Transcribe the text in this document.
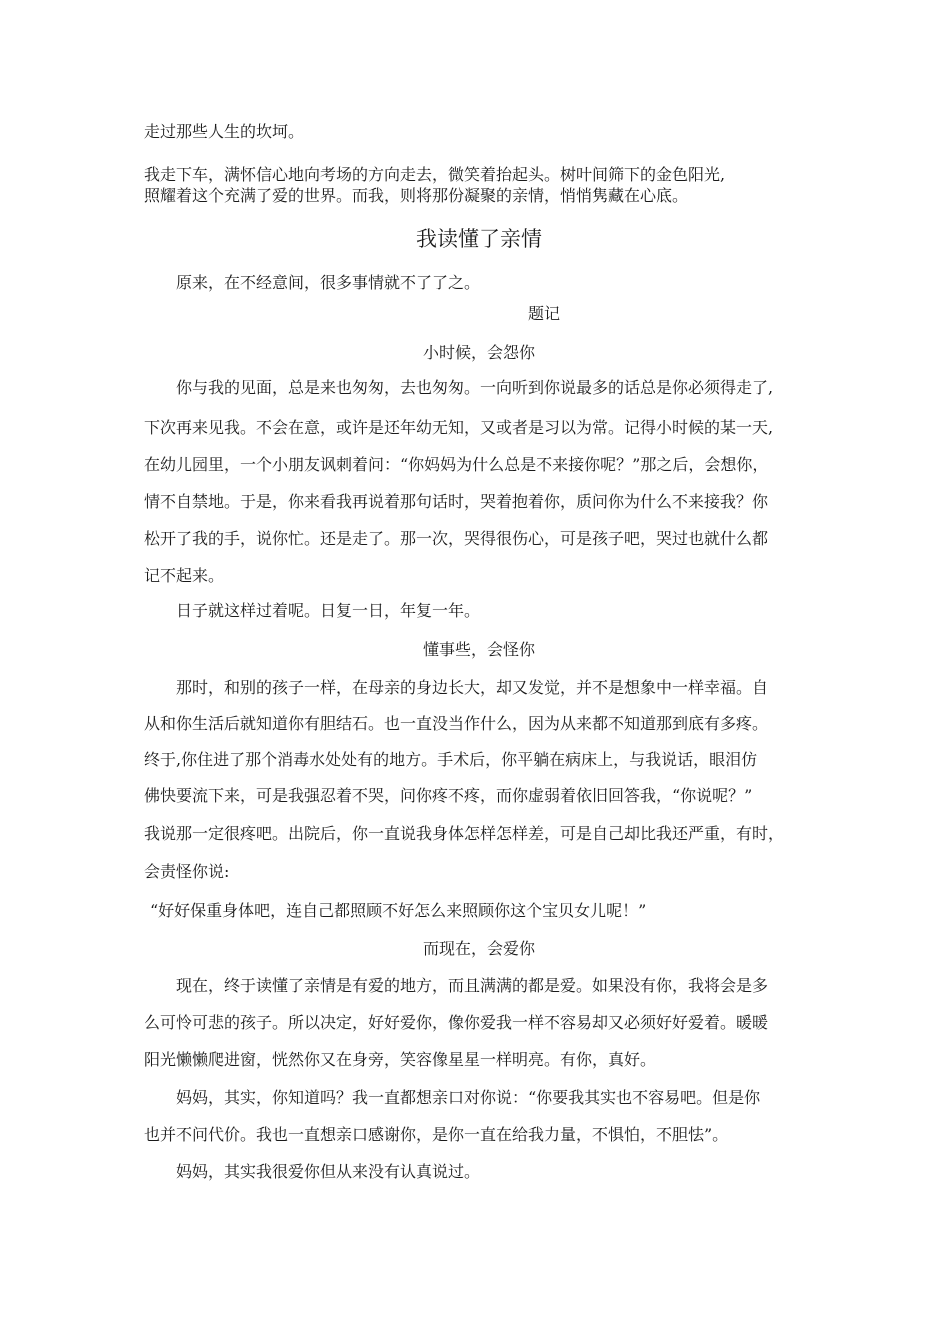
走过那些人生的坎坷。
我走下车，满怀信心地向考场的方向走去，微笑着抬起头。树叶间筛下的金色阳光,
照耀着这个充满了爱的世界。而我，则将那份凝聚的亲情，悄悄隽藏在心底。
我读懂了亲情
原来，在不经意间，很多事情就不了了之。
题记
小时候，会怨你
你与我的见面，总是来也匆匆，去也匆匆。一向听到你说最多的话总是你必须得走了,
下次再来见我。不会在意，或许是还年幼无知，又或者是习以为常。记得小时候的某一天,
在幼儿园里，一个小朋友讽刺着问：“你妈妈为什么总是不来接你呢？”那之后，会想你，
情不自禁地。于是，你来看我再说着那句话时，哭着抱着你，质问你为什么不来接我？你
松开了我的手，说你忙。还是走了。那一次，哭得很伤心，可是孩子吧，哭过也就什么都
记不起来。
日子就这样过着呢。日复一日，年复一年。
懂事些，会怪你
那时，和别的孩子一样，在母亲的身边长大，却又发觉，并不是想象中一样幸福。自
从和你生活后就知道你有胆结石。也一直没当作什么，因为从来都不知道那到底有多疼。
终于,你住进了那个消毒水处处有的地方。手术后，你平躺在病床上，与我说话，眼泪仿
佛快要流下来，可是我强忍着不哭，问你疼不疼，而你虚弱着依旧回答我，“你说呢？”
我说那一定很疼吧。出院后，你一直说我身体怎样怎样差，可是自己却比我还严重，有时，
会责怪你说:
“好好保重身体吧，连自己都照顾不好怎么来照顾你这个宝贝女儿呢！”
而现在，会爱你
现在，终于读懂了亲情是有爱的地方，而且满满的都是爱。如果没有你，我将会是多
么可怜可悲的孩子。所以决定，好好爱你，像你爱我一样不容易却又必须好好爱着。暖暖
阳光懒懒爬进窗，恍然你又在身旁，笑容像星星一样明亮。有你，真好。
妈妈，其实，你知道吗？我一直都想亲口对你说：“你要我其实也不容易吧。但是你
也并不问代价。我也一直想亲口感谢你，是你一直在给我力量，不惧怕，不胆怯”。
妈妈，其实我很爱你但从来没有认真说过。
